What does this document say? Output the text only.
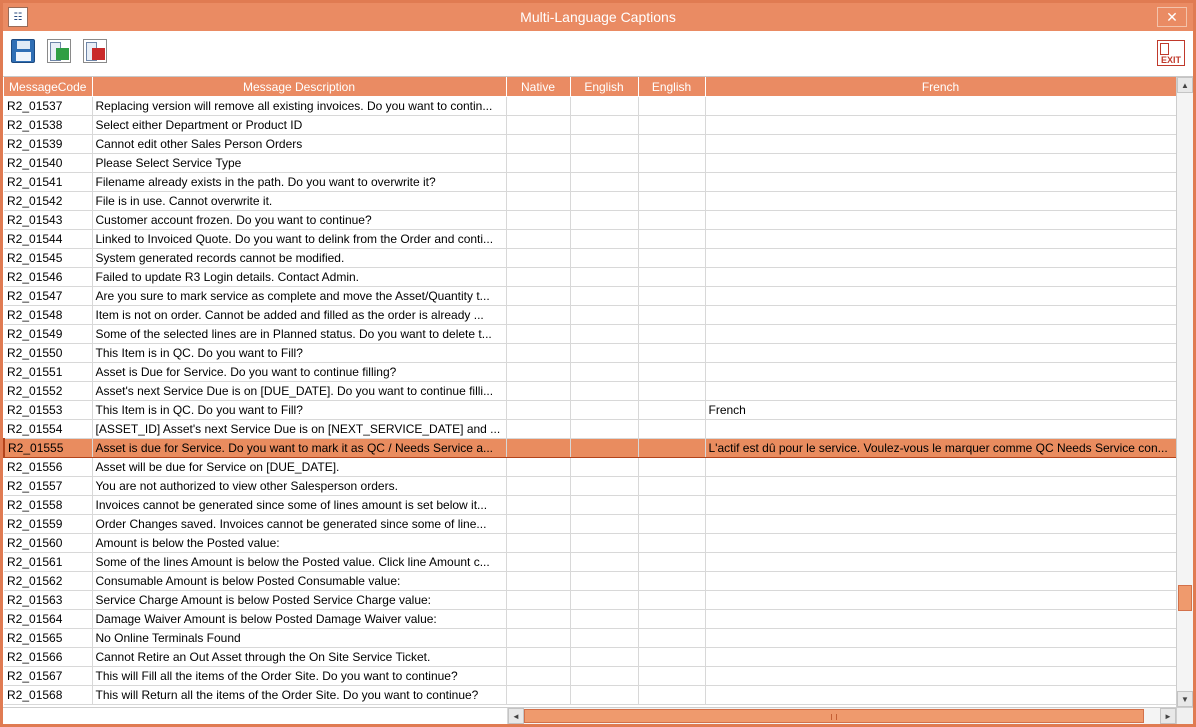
☷	Multi-Language Captions	✕
EXIT
MessageCode	Message Description	Native	English	English	French
R2_01537	Replacing version will remove all existing invoices. Do you want to contin...				
R2_01538	Select either Department or Product ID				
R2_01539	Cannot edit other Sales Person Orders				
R2_01540	Please Select Service Type				
R2_01541	Filename already exists in the path. Do you want to overwrite it?				
R2_01542	File is in use. Cannot overwrite it.				
R2_01543	Customer account frozen. Do you want to continue?				
R2_01544	Linked to Invoiced Quote. Do you want to delink from the Order and conti...				
R2_01545	System generated records cannot be modified.				
R2_01546	Failed to update R3 Login details. Contact Admin.				
R2_01547	Are you sure to mark service as complete and move the Asset/Quantity t...				
R2_01548	Item is not on order. Cannot be added and filled as the order is already ...				
R2_01549	Some of the selected lines are in Planned status. Do you want to delete t...				
R2_01550	This Item is in QC. Do you want to Fill?				
R2_01551	Asset is Due for Service. Do you want to continue filling?				
R2_01552	Asset's next Service Due is on [DUE_DATE]. Do you want to continue filli...				
R2_01553	This Item is in QC. Do you want to Fill?				French
R2_01554	[ASSET_ID] Asset's next Service Due is on [NEXT_SERVICE_DATE] and ...				
R2_01555	Asset is due for Service. Do you want to mark it as QC / Needs Service a...				L'actif est dû pour le service. Voulez-vous le marquer comme QC Needs Service con...
R2_01556	Asset will be due for Service on [DUE_DATE].				
R2_01557	You are not authorized to view other Salesperson orders.				
R2_01558	Invoices cannot be generated since some of lines amount is set below it...				
R2_01559	Order Changes saved. Invoices cannot be generated since some of line...				
R2_01560	Amount is below the Posted value:				
R2_01561	Some of the lines Amount is below the Posted value. Click line Amount c...				
R2_01562	Consumable Amount is below Posted Consumable value:				
R2_01563	Service Charge Amount is below Posted Service Charge value:				
R2_01564	Damage Waiver Amount is below Posted Damage Waiver value:				
R2_01565	No Online Terminals Found				
R2_01566	Cannot Retire an Out Asset through the On Site Service Ticket.				
R2_01567	This will Fill all the items of the Order Site. Do you want to continue?				
R2_01568	This will Return all the items of the Order Site. Do you want to continue?				
▲
▼
◄	►
